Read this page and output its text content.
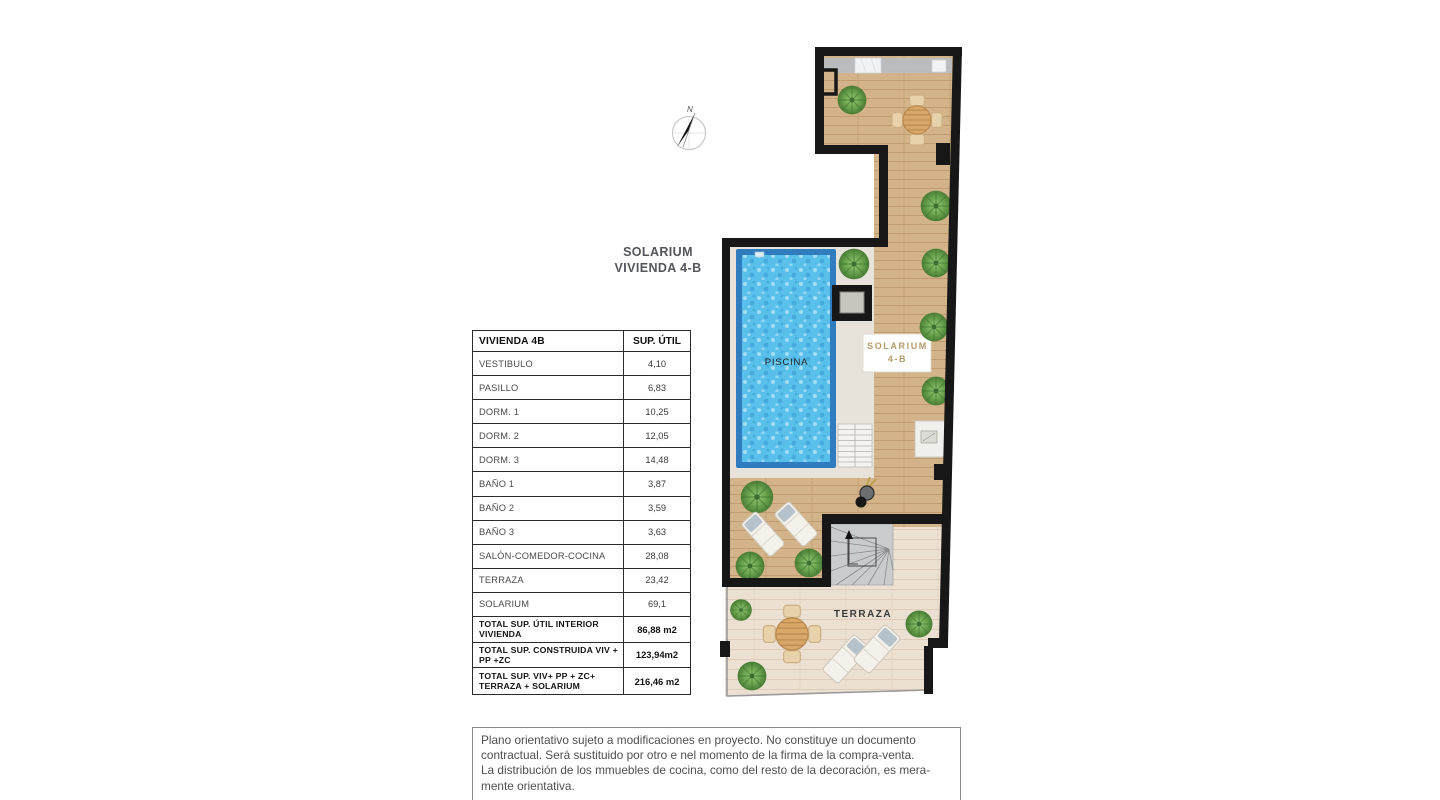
N
PISCINA
SOLARIUM
4-B
TERRAZA
SOLARIUM
VIVIENDA 4-B
VIVIENDA 4B	SUP. ÚTIL
VESTIBULO	4,10
PASILLO	6,83
DORM. 1	10,25
DORM. 2	12,05
DORM. 3	14,48
BAÑO 1	3,87
BAÑO 2	3,59
BAÑO 3	3,63
SALÓN-COMEDOR-COCINA	28,08
TERRAZA	23,42
SOLARIUM	69,1
TOTAL SUP. ÚTIL INTERIOR VIVIENDA	86,88 m2
TOTAL SUP. CONSTRUIDA VIV + PP +ZC	123,94m2
TOTAL SUP. VIV+ PP + ZC+ TERRAZA + SOLARIUM	216,46 m2
Plano orientativo sujeto a modificaciones en proyecto. No constituye un documento
contractual. Será sustituido por otro e nel momento de la firma de la compra-venta.
La distribución de los mmuebles de cocina, como del resto de la decoración, es mera-
mente orientativa.
